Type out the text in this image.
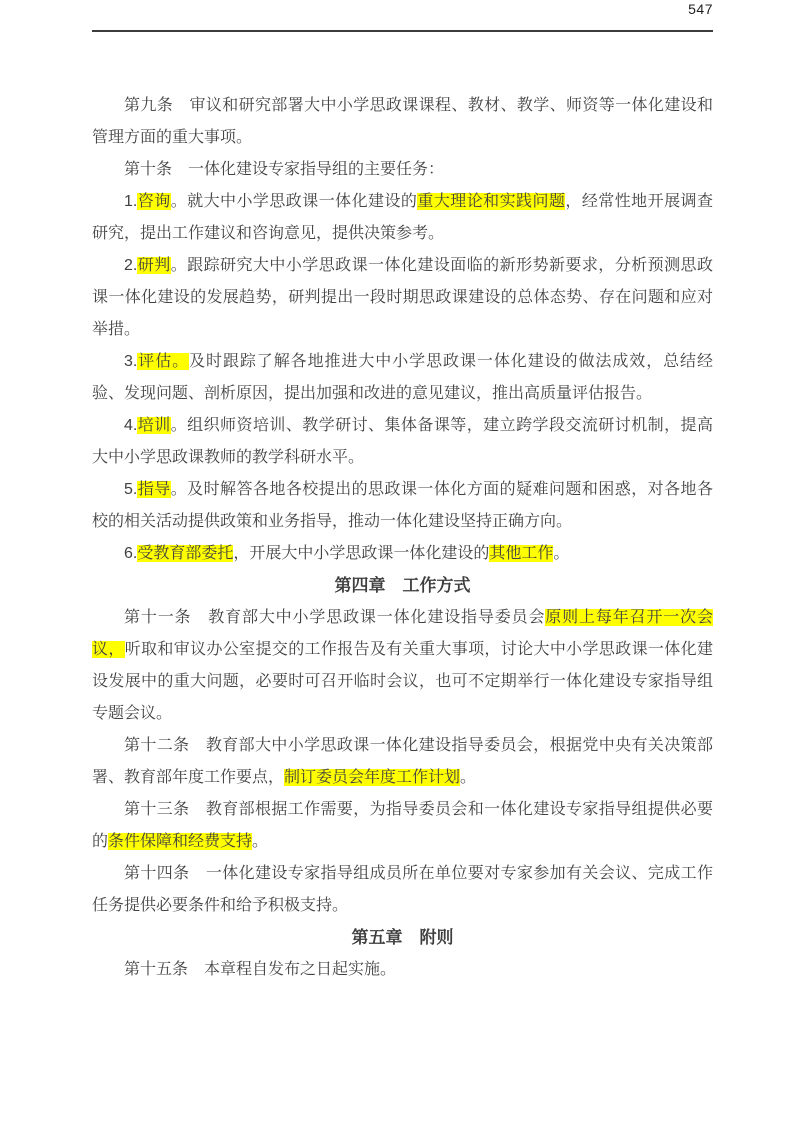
547

第九条　审议和研究部署大中小学思政课课程、教材、教学、师资等一体化建设和管理方面的重大事项。

第十条　一体化建设专家指导组的主要任务：

1.咨询。就大中小学思政课一体化建设的重大理论和实践问题，经常性地开展调查研究，提出工作建议和咨询意见，提供决策参考。

2.研判。跟踪研究大中小学思政课一体化建设面临的新形势新要求，分析预测思政课一体化建设的发展趋势，研判提出一段时期思政课建设的总体态势、存在问题和应对举措。

3.评估。及时跟踪了解各地推进大中小学思政课一体化建设的做法成效，总结经验、发现问题、剖析原因，提出加强和改进的意见建议，推出高质量评估报告。

4.培训。组织师资培训、教学研讨、集体备课等，建立跨学段交流研讨机制，提高大中小学思政课教师的教学科研水平。

5.指导。及时解答各地各校提出的思政课一体化方面的疑难问题和困惑，对各地各校的相关活动提供政策和业务指导，推动一体化建设坚持正确方向。

6.受教育部委托，开展大中小学思政课一体化建设的其他工作。

第四章　工作方式

第十一条　教育部大中小学思政课一体化建设指导委员会原则上每年召开一次会议，听取和审议办公室提交的工作报告及有关重大事项，讨论大中小学思政课一体化建设发展中的重大问题，必要时可召开临时会议，也可不定期举行一体化建设专家指导组专题会议。

第十二条　教育部大中小学思政课一体化建设指导委员会，根据党中央有关决策部署、教育部年度工作要点，制订委员会年度工作计划。

第十三条　教育部根据工作需要，为指导委员会和一体化建设专家指导组提供必要的条件保障和经费支持。

第十四条　一体化建设专家指导组成员所在单位要对专家参加有关会议、完成工作任务提供必要条件和给予积极支持。

第五章　附则

第十五条　本章程自发布之日起实施。
